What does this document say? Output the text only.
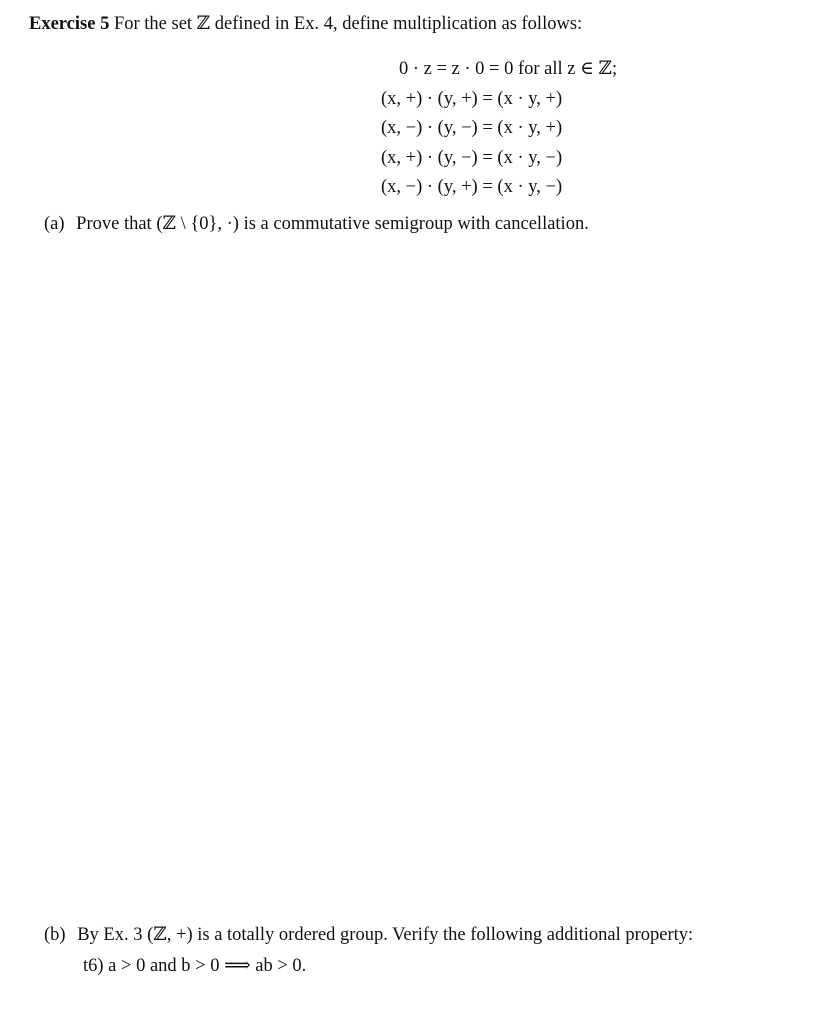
Exercise 5 For the set ℤ defined in Ex. 4, define multiplication as follows:
0 · z = z · 0 = 0 for all z ∈ ℤ;
(x, +) · (y, +) = (x · y, +)
(x, −) · (y, −) = (x · y, +)
(x, +) · (y, −) = (x · y, −)
(x, −) · (y, +) = (x · y, −)
(a) Prove that (ℤ \ {0}, ·) is a commutative semigroup with cancellation.
(b) By Ex. 3 (ℤ, +) is a totally ordered group. Verify the following additional property:
t6) a > 0 and b > 0 ⟹ ab > 0.
